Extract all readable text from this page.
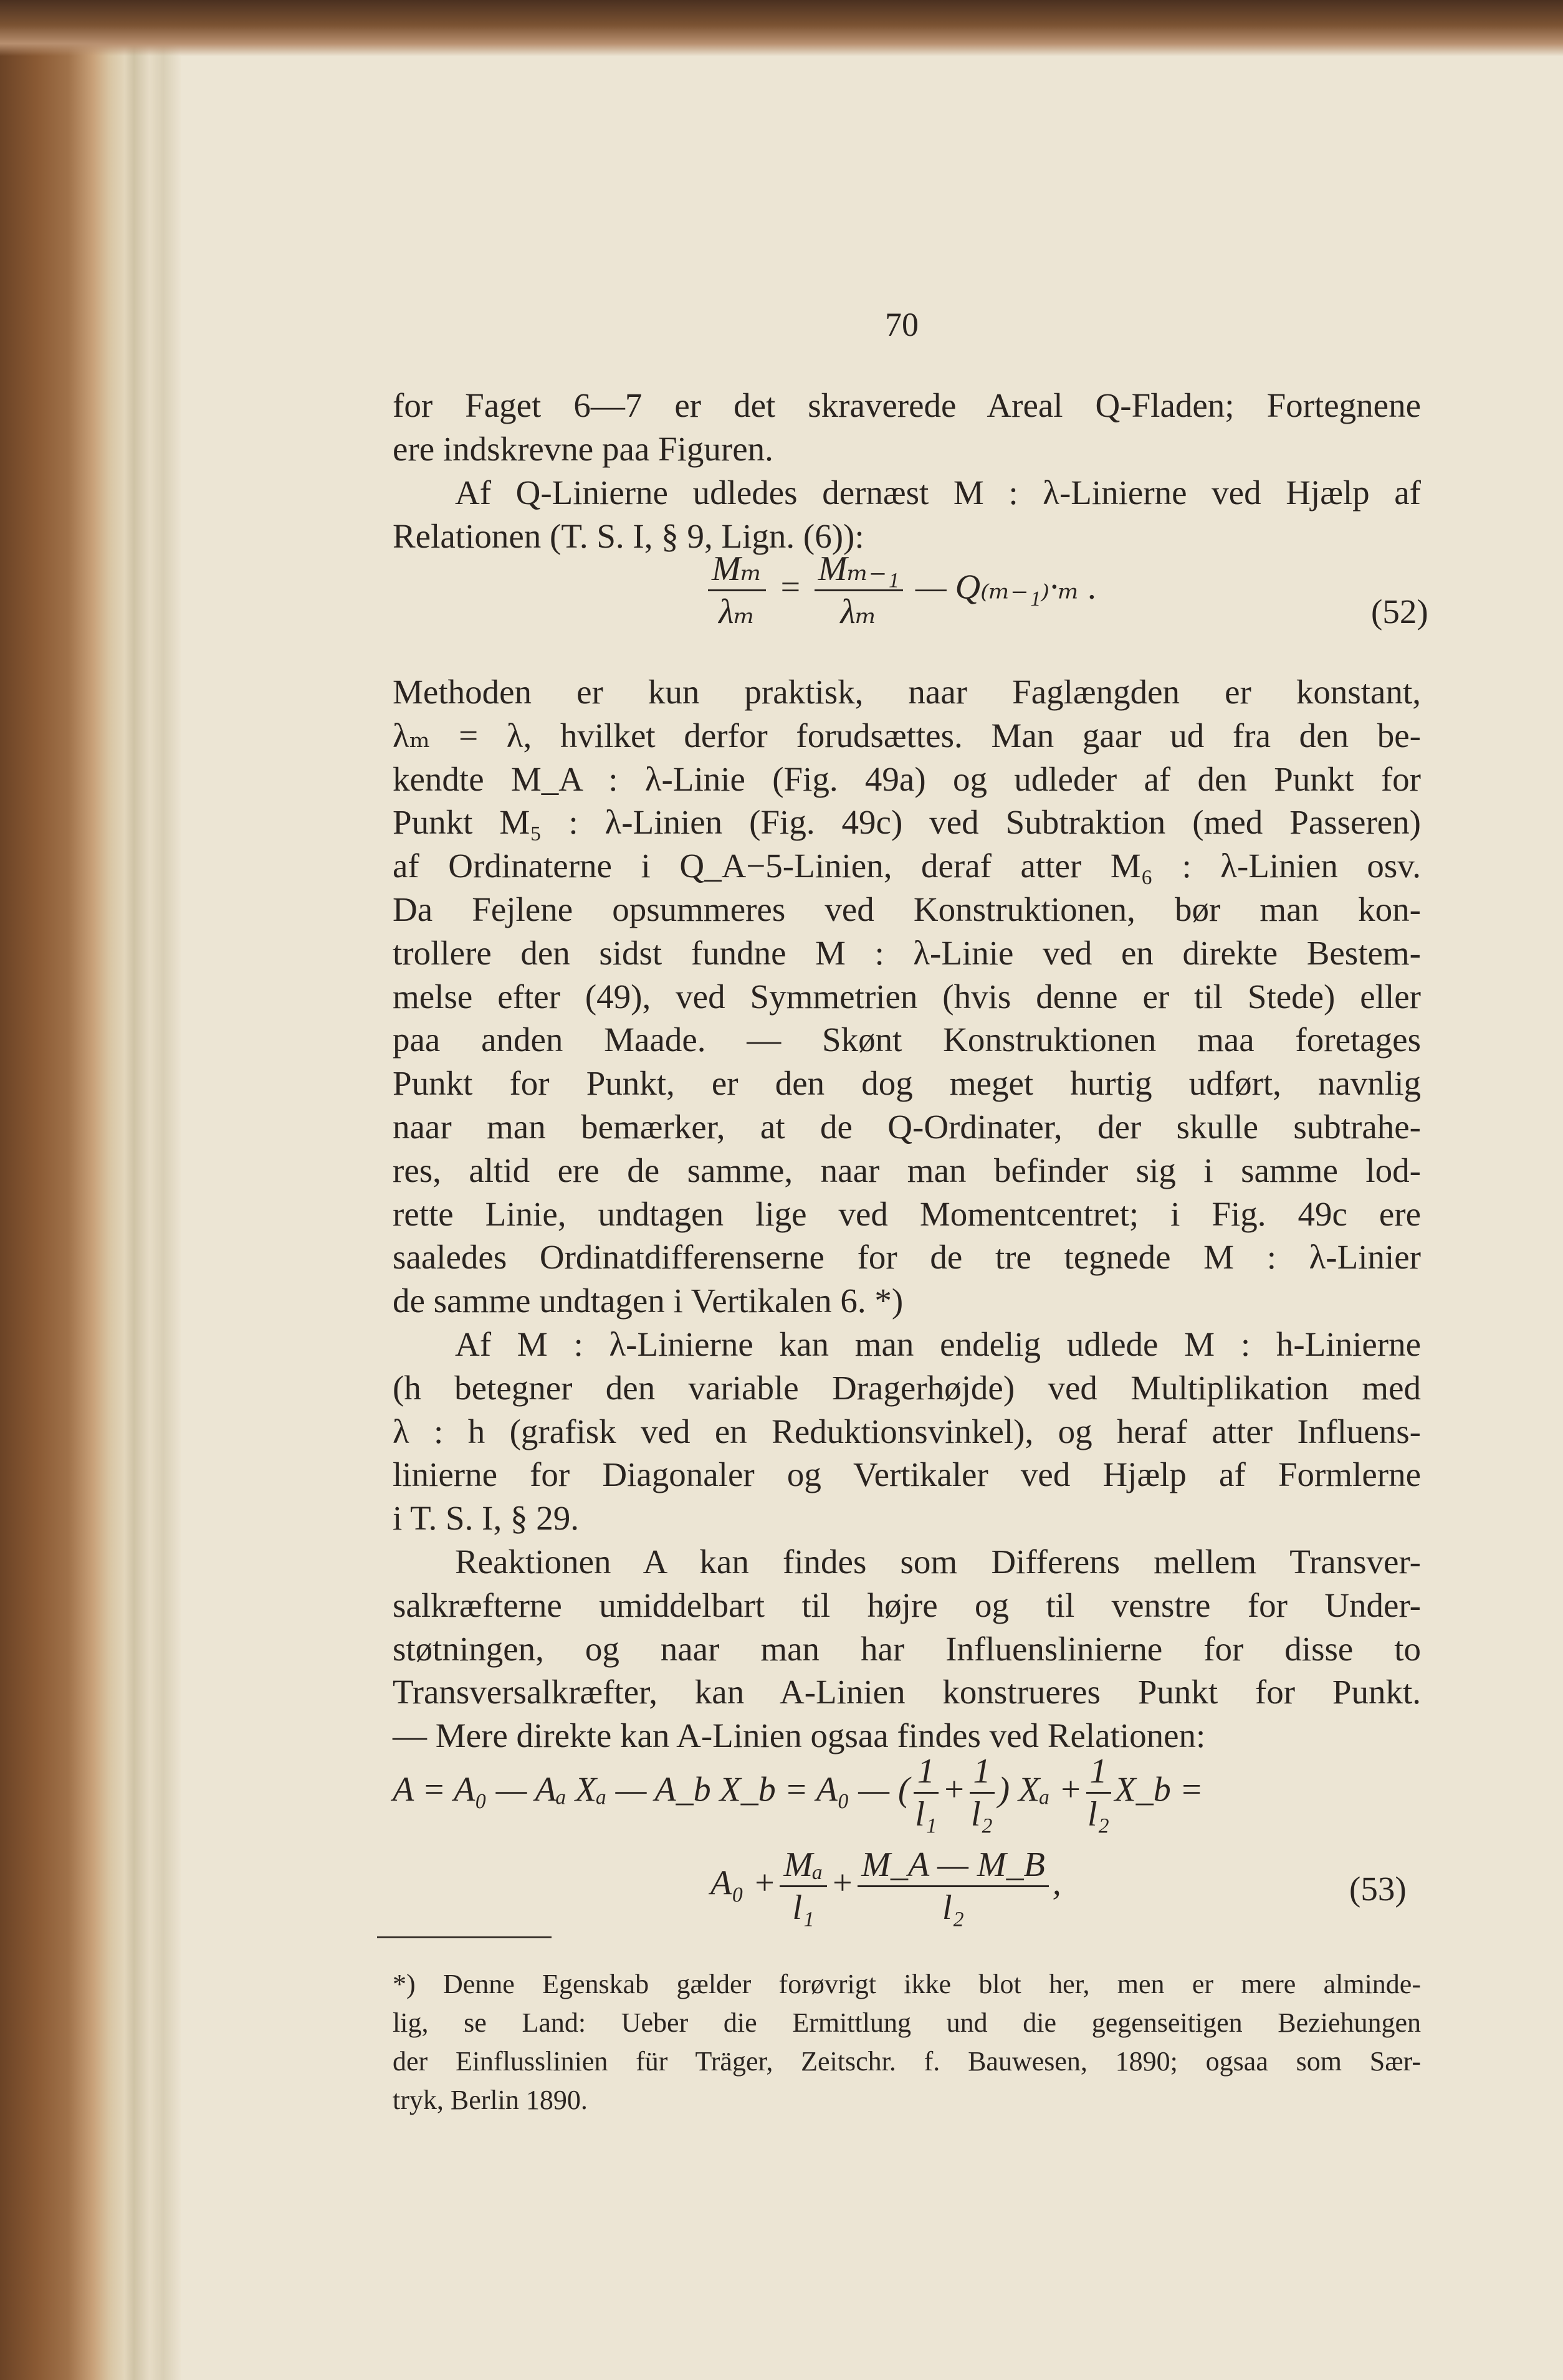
70
for Faget 6—7 er det skraverede Areal Q-Fladen; Fortegnene
ere indskrevne paa Figuren.
Af Q-Linierne udledes dernæst M : λ-Linierne ved Hjælp af
Relationen (T. S. I, § 9, Lign. (6)):
$\frac{\text{Mₘ}}{\text{λₘ}} = \frac{\text{Mₘ₋₁}}{\text{λₘ}}$ — Q₍ₘ₋₁₎·ₘ .
(52)
Methoden er kun praktisk, naar Faglængden er konstant,
λₘ = λ, hvilket derfor forudsættes. Man gaar ud fra den be-
kendte M_A : λ-Linie (Fig. 49a) og udleder af den Punkt for
Punkt M₅ : λ-Linien (Fig. 49c) ved Subtraktion (med Passeren)
af Ordinaterne i Q_A−5-Linien, deraf atter M₆ : λ-Linien osv.
Da Fejlene opsummeres ved Konstruktionen, bør man kon-
trollere den sidst fundne M : λ-Linie ved en direkte Bestem-
melse efter (49), ved Symmetrien (hvis denne er til Stede) eller
paa anden Maade. — Skønt Konstruktionen maa foretages
Punkt for Punkt, er den dog meget hurtig udført, navnlig
naar man bemærker, at de Q-Ordinater, der skulle subtrahe-
res, altid ere de samme, naar man befinder sig i samme lod-
rette Linie, undtagen lige ved Momentcentret; i Fig. 49c ere
saaledes Ordinatdifferenserne for de tre tegnede M : λ-Linier
de samme undtagen i Vertikalen 6. *)
Af M : λ-Linierne kan man endelig udlede M : h-Linierne
(h betegner den variable Dragerhøjde) ved Multiplikation med
λ : h (grafisk ved en Reduktionsvinkel), og heraf atter Influens-
linierne for Diagonaler og Vertikaler ved Hjælp af Formlerne
i T. S. I, § 29.
Reaktionen A kan findes som Differens mellem Transver-
salkræfterne umiddelbart til højre og til venstre for Under-
støtningen, og naar man har Influenslinierne for disse to
Transversalkræfter, kan A-Linien konstrueres Punkt for Punkt.
— Mere direkte kan A-Linien ogsaa findes ved Relationen:
A = A₀ — Aₐ Xₐ — A_b X_b = A₀ — ( $\frac{1}{\text{l₁}} + \frac{1}{\text{l₂}}$ ) $X_a + \frac{1}{\text{l₂}}$ X_b =
$A_0 + \frac{\text{Mₐ}}{\text{l₁}} + \frac{M\_A — M\_B}{\text{l₂}}$ ,	(53)
*) Denne Egenskab gælder forøvrigt ikke blot her, men er mere alminde-
lig, se Land: Ueber die Ermittlung und die gegenseitigen Beziehungen
der Einflusslinien für Träger, Zeitschr. f. Bauwesen, 1890; ogsaa som Sær-
tryk, Berlin 1890.
